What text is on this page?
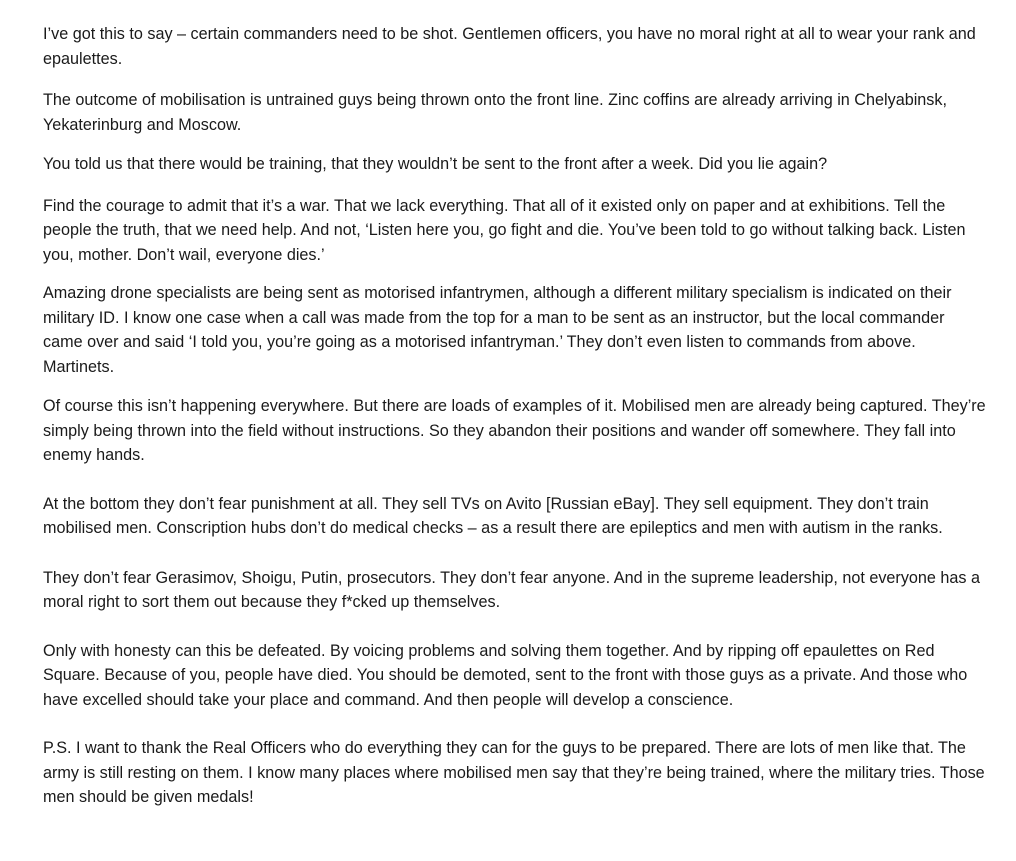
I’ve got this to say – certain commanders need to be shot. Gentlemen officers, you have no moral right at all to wear your rank and epaulettes.

The outcome of mobilisation is untrained guys being thrown onto the front line. Zinc coffins are already arriving in Chelyabinsk, Yekaterinburg and Moscow.

You told us that there would be training, that they wouldn’t be sent to the front after a week. Did you lie again?

Find the courage to admit that it’s a war. That we lack everything. That all of it existed only on paper and at exhibitions. Tell the people the truth, that we need help. And not, ‘Listen here you, go fight and die. You’ve been told to go without talking back. Listen you, mother. Don’t wail, everyone dies.’

Amazing drone specialists are being sent as motorised infantrymen, although a different military specialism is indicated on their military ID. I know one case when a call was made from the top for a man to be sent as an instructor, but the local commander came over and said ‘I told you, you’re going as a motorised infantryman.’ They don’t even listen to commands from above. Martinets.

Of course this isn’t happening everywhere. But there are loads of examples of it. Mobilised men are already being captured. They’re simply being thrown into the field without instructions. So they abandon their positions and wander off somewhere. They fall into enemy hands.

At the bottom they don’t fear punishment at all. They sell TVs on Avito [Russian eBay]. They sell equipment. They don’t train mobilised men. Conscription hubs don’t do medical checks – as a result there are epileptics and men with autism in the ranks.

They don’t fear Gerasimov, Shoigu, Putin, prosecutors. They don’t fear anyone. And in the supreme leadership, not everyone has a moral right to sort them out because they f*cked up themselves.

Only with honesty can this be defeated. By voicing problems and solving them together. And by ripping off epaulettes on Red Square. Because of you, people have died. You should be demoted, sent to the front with those guys as a private. And those who have excelled should take your place and command. And then people will develop a conscience.

P.S. I want to thank the Real Officers who do everything they can for the guys to be prepared. There are lots of men like that. The army is still resting on them. I know many places where mobilised men say that they’re being trained, where the military tries. Those men should be given medals!
